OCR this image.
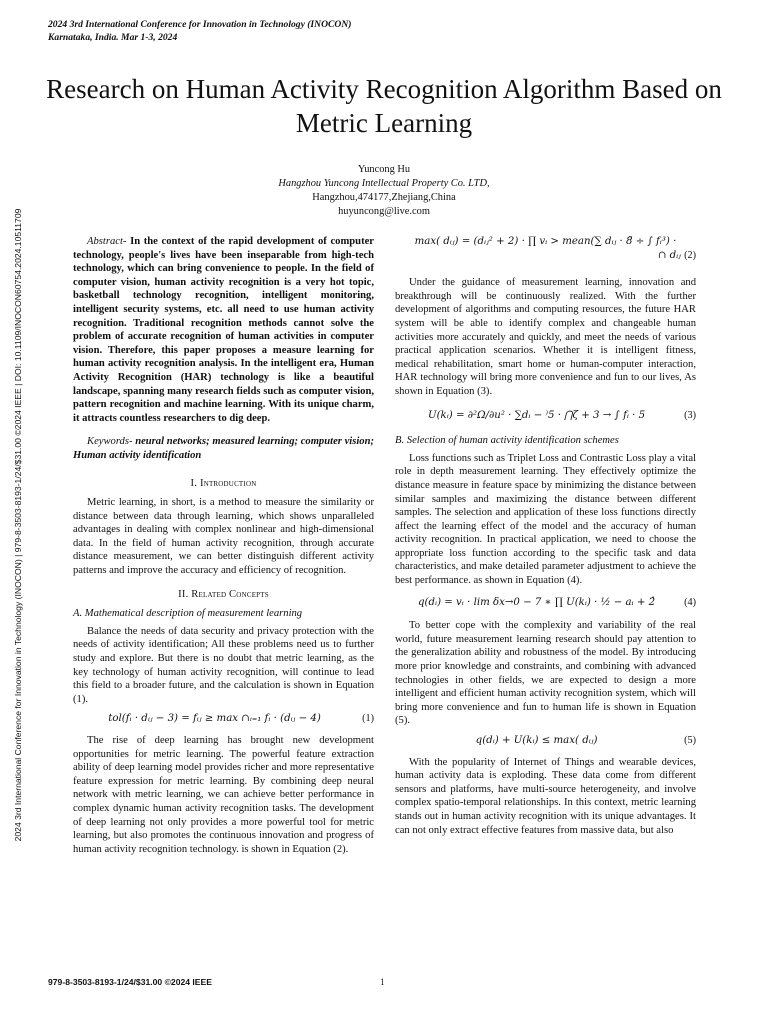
2024 3rd International Conference for Innovation in Technology (INOCON)
Karnataka, India. Mar 1-3, 2024
2024 3rd International Conference for Innovation in Technology (INOCON) | 979-8-3503-8193-1/24/$31.00 ©2024 IEEE | DOI: 10.1109/INOCON60754.2024.10511709
Research on Human Activity Recognition Algorithm Based on Metric Learning
Yuncong Hu
Hangzhou Yuncong Intellectual Property Co. LTD,
Hangzhou,474177,Zhejiang,China
huyuncong@live.com

Abstract- In the context of the rapid development of computer technology, people's lives have been inseparable from high-tech technology, which can bring convenience to people. In the field of computer vision, human activity recognition is a very hot topic, basketball technology recognition, intelligent monitoring, intelligent security systems, etc. all need to use human activity recognition. Traditional recognition methods cannot solve the problem of accurate recognition of human activities in computer vision. Therefore, this paper proposes a measure learning for human activity recognition analysis. In the intelligent era, Human Activity Recognition (HAR) technology is like a beautiful landscape, spanning many research fields such as computer vision, pattern recognition and machine learning. With its unique charm, it attracts countless researchers to dig deep.

Keywords- neural networks; measured learning; computer vision; Human activity identification

I. Introduction

Metric learning, in short, is a method to measure the similarity or distance between data through learning, which shows unparalleled advantages in dealing with complex nonlinear and high-dimensional data. In the field of human activity recognition, through accurate distance measurement, we can better distinguish different activity patterns and improve the accuracy and efficiency of recognition.

II. Related Concepts
A. Mathematical description of measurement learning

Balance the needs of data security and privacy protection with the needs of activity identification; All these problems need us to further study and explore. But there is no doubt that metric learning, as the key technology of human activity recognition, will continue to lead this field to a broader future, and the calculation is shown in Equation (1).

tol(fᵢ · dᵢⱼ − 3) = fᵢⱼ ≥ max ∩ᵢ₌₁ fᵢ · (dᵢⱼ − 4)	(1)

The rise of deep learning has brought new development opportunities for metric learning. The powerful feature extraction ability of deep learning model provides richer and more representative feature expression for metric learning. By combining deep neural network with metric learning, we can achieve better performance in complex dynamic human activity recognition tasks. The development of deep learning not only provides a more powerful tool for metric learning, but also promotes the continuous innovation and progress of human activity recognition technology. is shown in Equation (2).

max( dᵢⱼ) = (dᵢⱼ² + 2) · ∏ vᵢ > mean(∑ dᵢⱼ · 8̃ ÷ ∫ fᵢ³) ·
∩ dᵢⱼ (2)

Under the guidance of measurement learning, innovation and breakthrough will be continuously realized. With the further development of algorithms and computing resources, the future HAR system will be able to identify complex and changeable human activities more accurately and quickly, and meet the needs of various practical application scenarios. Whether it is intelligent fitness, medical rehabilitation, smart home or human-computer interaction, HAR technology will bring more convenience and fun to our lives, As shown in Equation (3).

U(kᵢ) = ∂²Ω/∂u² · ∑dᵢ − ⁾5 · ⋂ζ + 3 → ∫ fᵢ · 5	(3)
B. Selection of human activity identification schemes

Loss functions such as Triplet Loss and Contrastic Loss play a vital role in depth measurement learning. They effectively optimize the distance measure in feature space by minimizing the distance between similar samples and maximizing the distance between different samples. The selection and application of these loss functions directly affect the learning effect of the model and the accuracy of human activity recognition. In practical application, we need to choose the appropriate loss function according to the specific task and data characteristics, and make detailed parameter adjustment to achieve the best performance. as shown in Equation (4).

q(dᵢ) = vᵢ · lim δx→0 − 7 ∗ ∏ U(kᵢ) · ½ − aᵢ + 2̂	(4)

To better cope with the complexity and variability of the real world, future measurement learning research should pay attention to the generalization ability and robustness of the model. By introducing more prior knowledge and constraints, and combining with advanced technologies in other fields, we are expected to design a more intelligent and efficient human activity recognition system, which will bring more convenience and fun to human life is shown in Equation (5).

q(dᵢ) + U(kᵢ) ≤ max( dᵢⱼ)	(5)

With the popularity of Internet of Things and wearable devices, human activity data is exploding. These data come from different sensors and platforms, have multi-source heterogeneity, and involve complex spatio-temporal relationships. In this context, metric learning stands out in human activity recognition with its unique advantages. It can not only extract effective features from massive data, but also

979-8-3503-8193-1/24/$31.00 ©2024 IEEE	1
